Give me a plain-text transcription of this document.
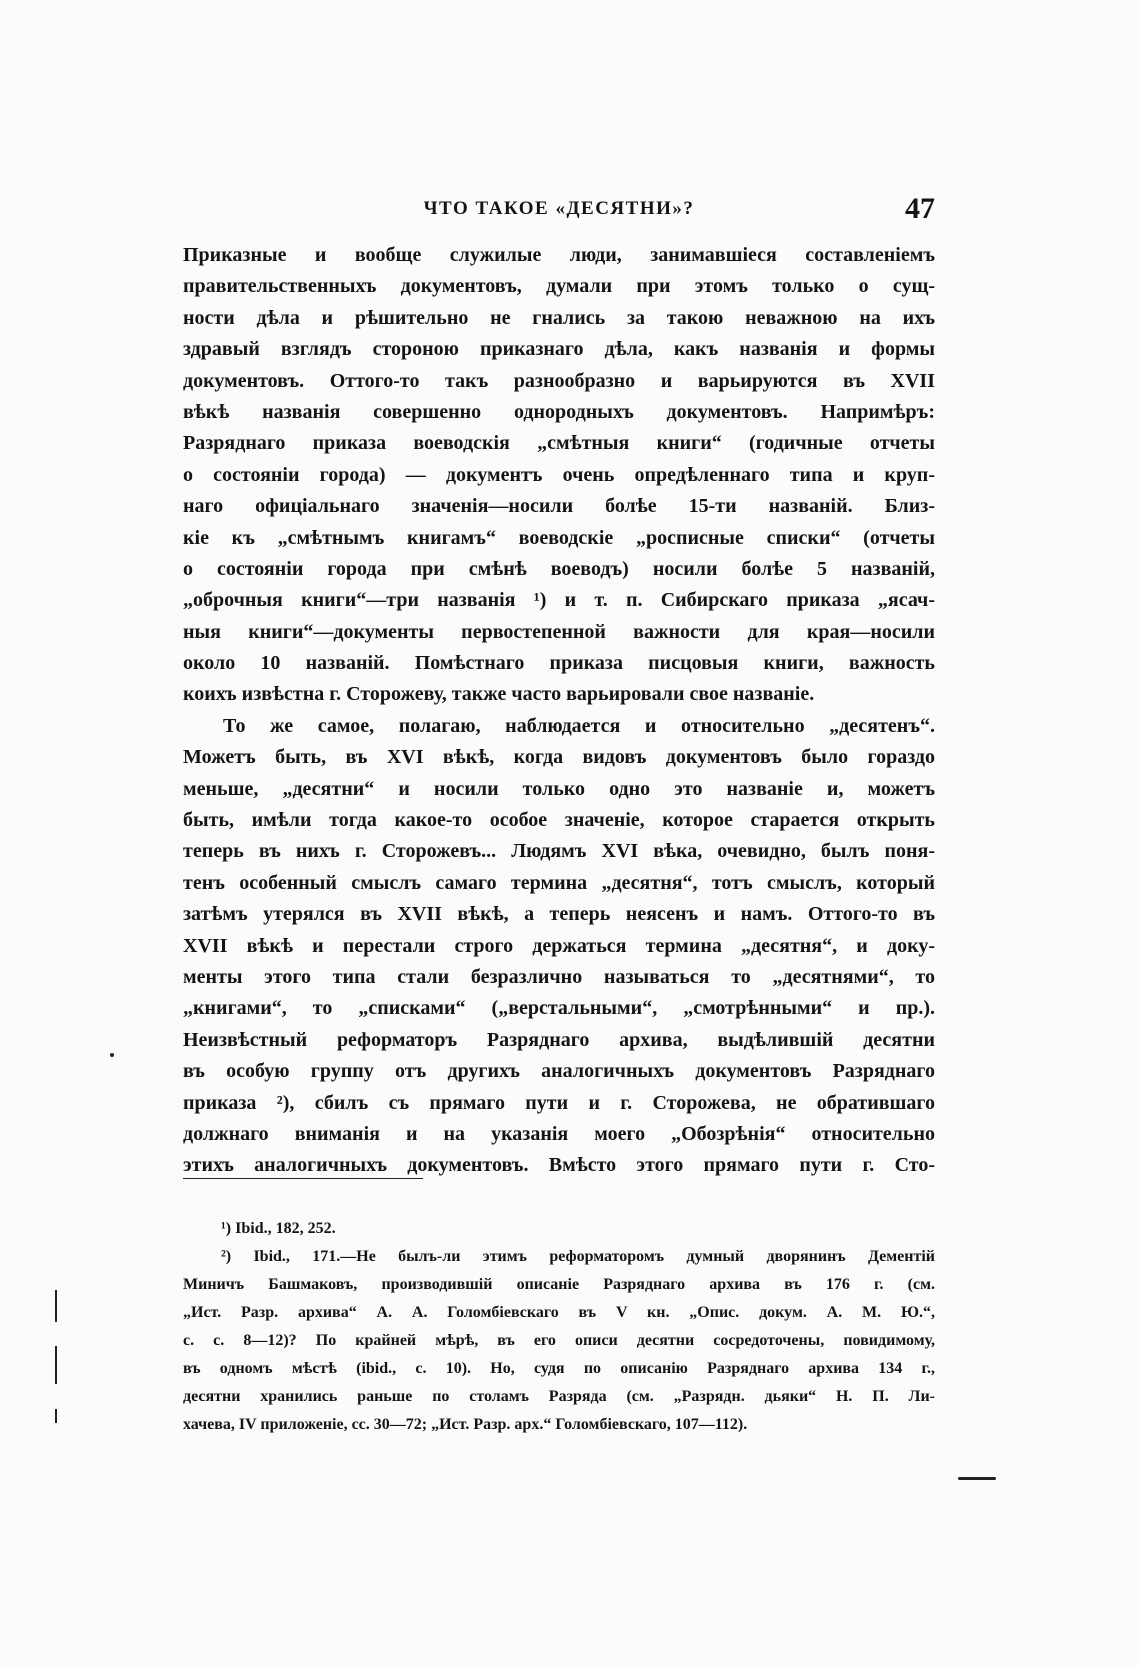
ЧТО ТАКОЕ «ДЕСЯТНИ»?	47
Приказные и вообще служилые люди, занимавшіеся составленіемъ
правительственныхъ документовъ, думали при этомъ только о сущ-
ности дѣла и рѣшительно не гнались за такою неважною на ихъ
здравый взглядъ стороною приказнаго дѣла, какъ названія и формы
документовъ. Оттого-то такъ разнообразно и варьируются въ XVII
вѣкѣ названія совершенно однородныхъ документовъ. Напримѣръ:
Разряднаго приказа воеводскія „смѣтныя книги“ (годичные отчеты
о состояніи города) — документъ очень опредѣленнаго типа и круп-
наго офиціальнаго значенія—носили болѣе 15-ти названій. Близ-
кіе къ „смѣтнымъ книгамъ“ воеводскіе „росписные списки“ (отчеты
о состояніи города при смѣнѣ воеводъ) носили болѣе 5 названій,
„оброчныя книги“—три названія ¹) и т. п. Сибирскаго приказа „ясач-
ныя книги“—документы первостепенной важности для края—носили
около 10 названій. Помѣстнаго приказа писцовыя книги, важность
коихъ извѣстна г. Сторожеву, также часто варьировали свое названіе.
То же самое, полагаю, наблюдается и относительно „десятенъ“.
Можетъ быть, въ XVI вѣкѣ, когда видовъ документовъ было гораздо
меньше, „десятни“ и носили только одно это названіе и, можетъ
быть, имѣли тогда какое-то особое значеніе, которое старается открыть
теперь въ нихъ г. Сторожевъ... Людямъ XVI вѣка, очевидно, былъ поня-
тенъ особенный смыслъ самаго термина „десятня“, тотъ смыслъ, который
затѣмъ утерялся въ XVII вѣкѣ, а теперь неясенъ и намъ. Оттого-то въ
XVII вѣкѣ и перестали строго держаться термина „десятня“, и доку-
менты этого типа стали безразлично называться то „десятнями“, то
„книгами“, то „списками“ („верстальными“, „смотрѣнными“ и пр.).
Неизвѣстный реформаторъ Разряднаго архива, выдѣлившій десятни
въ особую группу отъ другихъ аналогичныхъ документовъ Разряднаго
приказа ²), сбилъ съ прямаго пути и г. Сторожева, не обратившаго
должнаго вниманія и на указанія моего „Обозрѣнія“ относительно
этихъ аналогичныхъ документовъ. Вмѣсто этого прямаго пути г. Сто-
¹) Ibid., 182, 252.
²) Ibid., 171.—Не былъ-ли этимъ реформаторомъ думный дворянинъ Дементій
Миничъ Башмаковъ, производившій описаніе Разряднаго архива въ 176 г. (см.
„Ист. Разр. архива“ А. А. Голомбіевскаго въ V кн. „Опис. докум. А. М. Ю.“,
с. с. 8—12)? По крайней мѣрѣ, въ его описи десятни сосредоточены, повидимому,
въ одномъ мѣстѣ (ibid., с. 10). Но, судя по описанію Разряднаго архива 134 г.,
десятни хранились раньше по столамъ Разряда (см. „Разрядн. дьяки“ Н. П. Ли-
хачева, IV приложеніе, сс. 30—72; „Ист. Разр. арх.“ Голомбіевскаго, 107—112).
